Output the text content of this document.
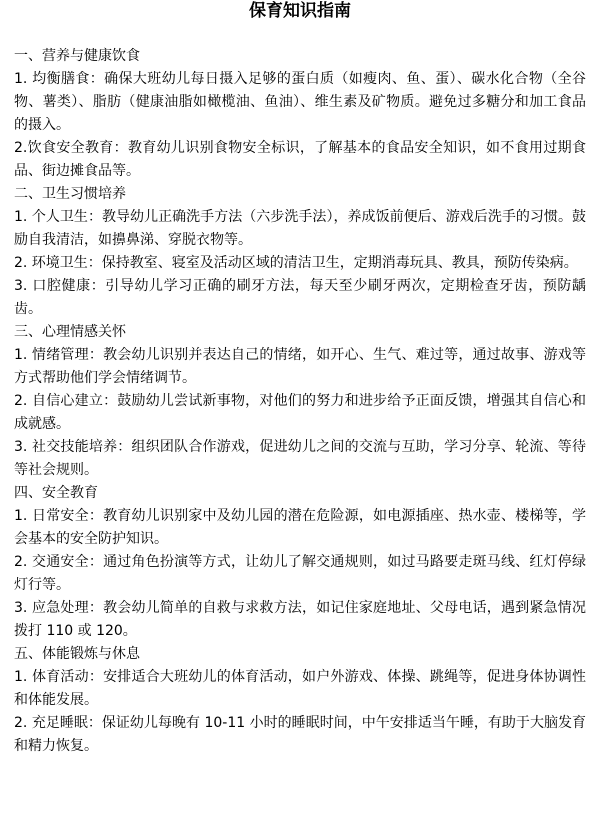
保育知识指南

一、营养与健康饮食

1. 均衡膳食：确保大班幼儿每日摄入足够的蛋白质（如瘦肉、鱼、蛋）、碳水化合物（全谷物、薯类）、脂肪（健康油脂如橄榄油、鱼油）、维生素及矿物质。避免过多糖分和加工食品的摄入。

2.饮食安全教育：教育幼儿识别食物安全标识，了解基本的食品安全知识，如不食用过期食品、街边摊食品等。

二、卫生习惯培养

1. 个人卫生：教导幼儿正确洗手方法（六步洗手法），养成饭前便后、游戏后洗手的习惯。鼓励自我清洁，如擤鼻涕、穿脱衣物等。

2. 环境卫生：保持教室、寝室及活动区域的清洁卫生，定期消毒玩具、教具，预防传染病。

3. 口腔健康：引导幼儿学习正确的刷牙方法，每天至少刷牙两次，定期检查牙齿，预防龋齿。

三、心理情感关怀

1. 情绪管理：教会幼儿识别并表达自己的情绪，如开心、生气、难过等，通过故事、游戏等方式帮助他们学会情绪调节。

2. 自信心建立：鼓励幼儿尝试新事物，对他们的努力和进步给予正面反馈，增强其自信心和成就感。

3. 社交技能培养：组织团队合作游戏，促进幼儿之间的交流与互助，学习分享、轮流、等待等社会规则。

四、安全教育

1. 日常安全：教育幼儿识别家中及幼儿园的潜在危险源，如电源插座、热水壶、楼梯等，学会基本的安全防护知识。

2. 交通安全：通过角色扮演等方式，让幼儿了解交通规则，如过马路要走斑马线、红灯停绿灯行等。

3. 应急处理：教会幼儿简单的自救与求救方法，如记住家庭地址、父母电话，遇到紧急情况拨打 110 或 120。

五、体能锻炼与休息

1. 体育活动：安排适合大班幼儿的体育活动，如户外游戏、体操、跳绳等，促进身体协调性和体能发展。

2. 充足睡眠：保证幼儿每晚有 10-11 小时的睡眠时间，中午安排适当午睡，有助于大脑发育和精力恢复。
